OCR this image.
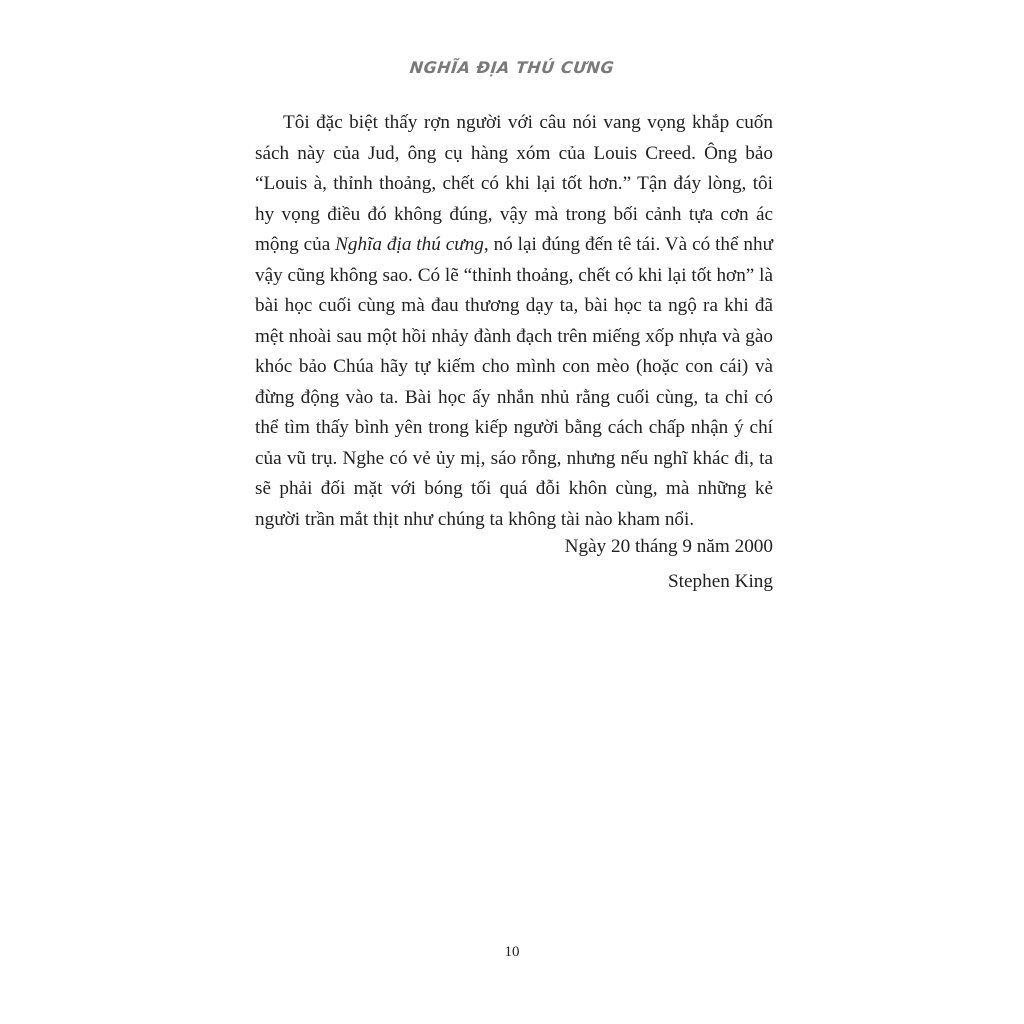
NGHĨA ĐỊA THÚ CƯNG

Tôi đặc biệt thấy rợn người với câu nói vang vọng khắp cuốn sách này của Jud, ông cụ hàng xóm của Louis Creed. Ông bảo “Louis à, thỉnh thoảng, chết có khi lại tốt hơn.” Tận đáy lòng, tôi hy vọng điều đó không đúng, vậy mà trong bối cảnh tựa cơn ác mộng của Nghĩa địa thú cưng, nó lại đúng đến tê tái. Và có thể như vậy cũng không sao. Có lẽ “thỉnh thoảng, chết có khi lại tốt hơn” là bài học cuối cùng mà đau thương dạy ta, bài học ta ngộ ra khi đã mệt nhoài sau một hồi nhảy đành đạch trên miếng xốp nhựa và gào khóc bảo Chúa hãy tự kiếm cho mình con mèo (hoặc con cái) và đừng động vào ta. Bài học ấy nhắn nhủ rằng cuối cùng, ta chỉ có thể tìm thấy bình yên trong kiếp người bằng cách chấp nhận ý chí của vũ trụ. Nghe có vẻ ủy mị, sáo rỗng, nhưng nếu nghĩ khác đi, ta sẽ phải đối mặt với bóng tối quá đỗi khôn cùng, mà những kẻ người trần mắt thịt như chúng ta không tài nào kham nổi.

Ngày 20 tháng 9 năm 2000
Stephen King
10
